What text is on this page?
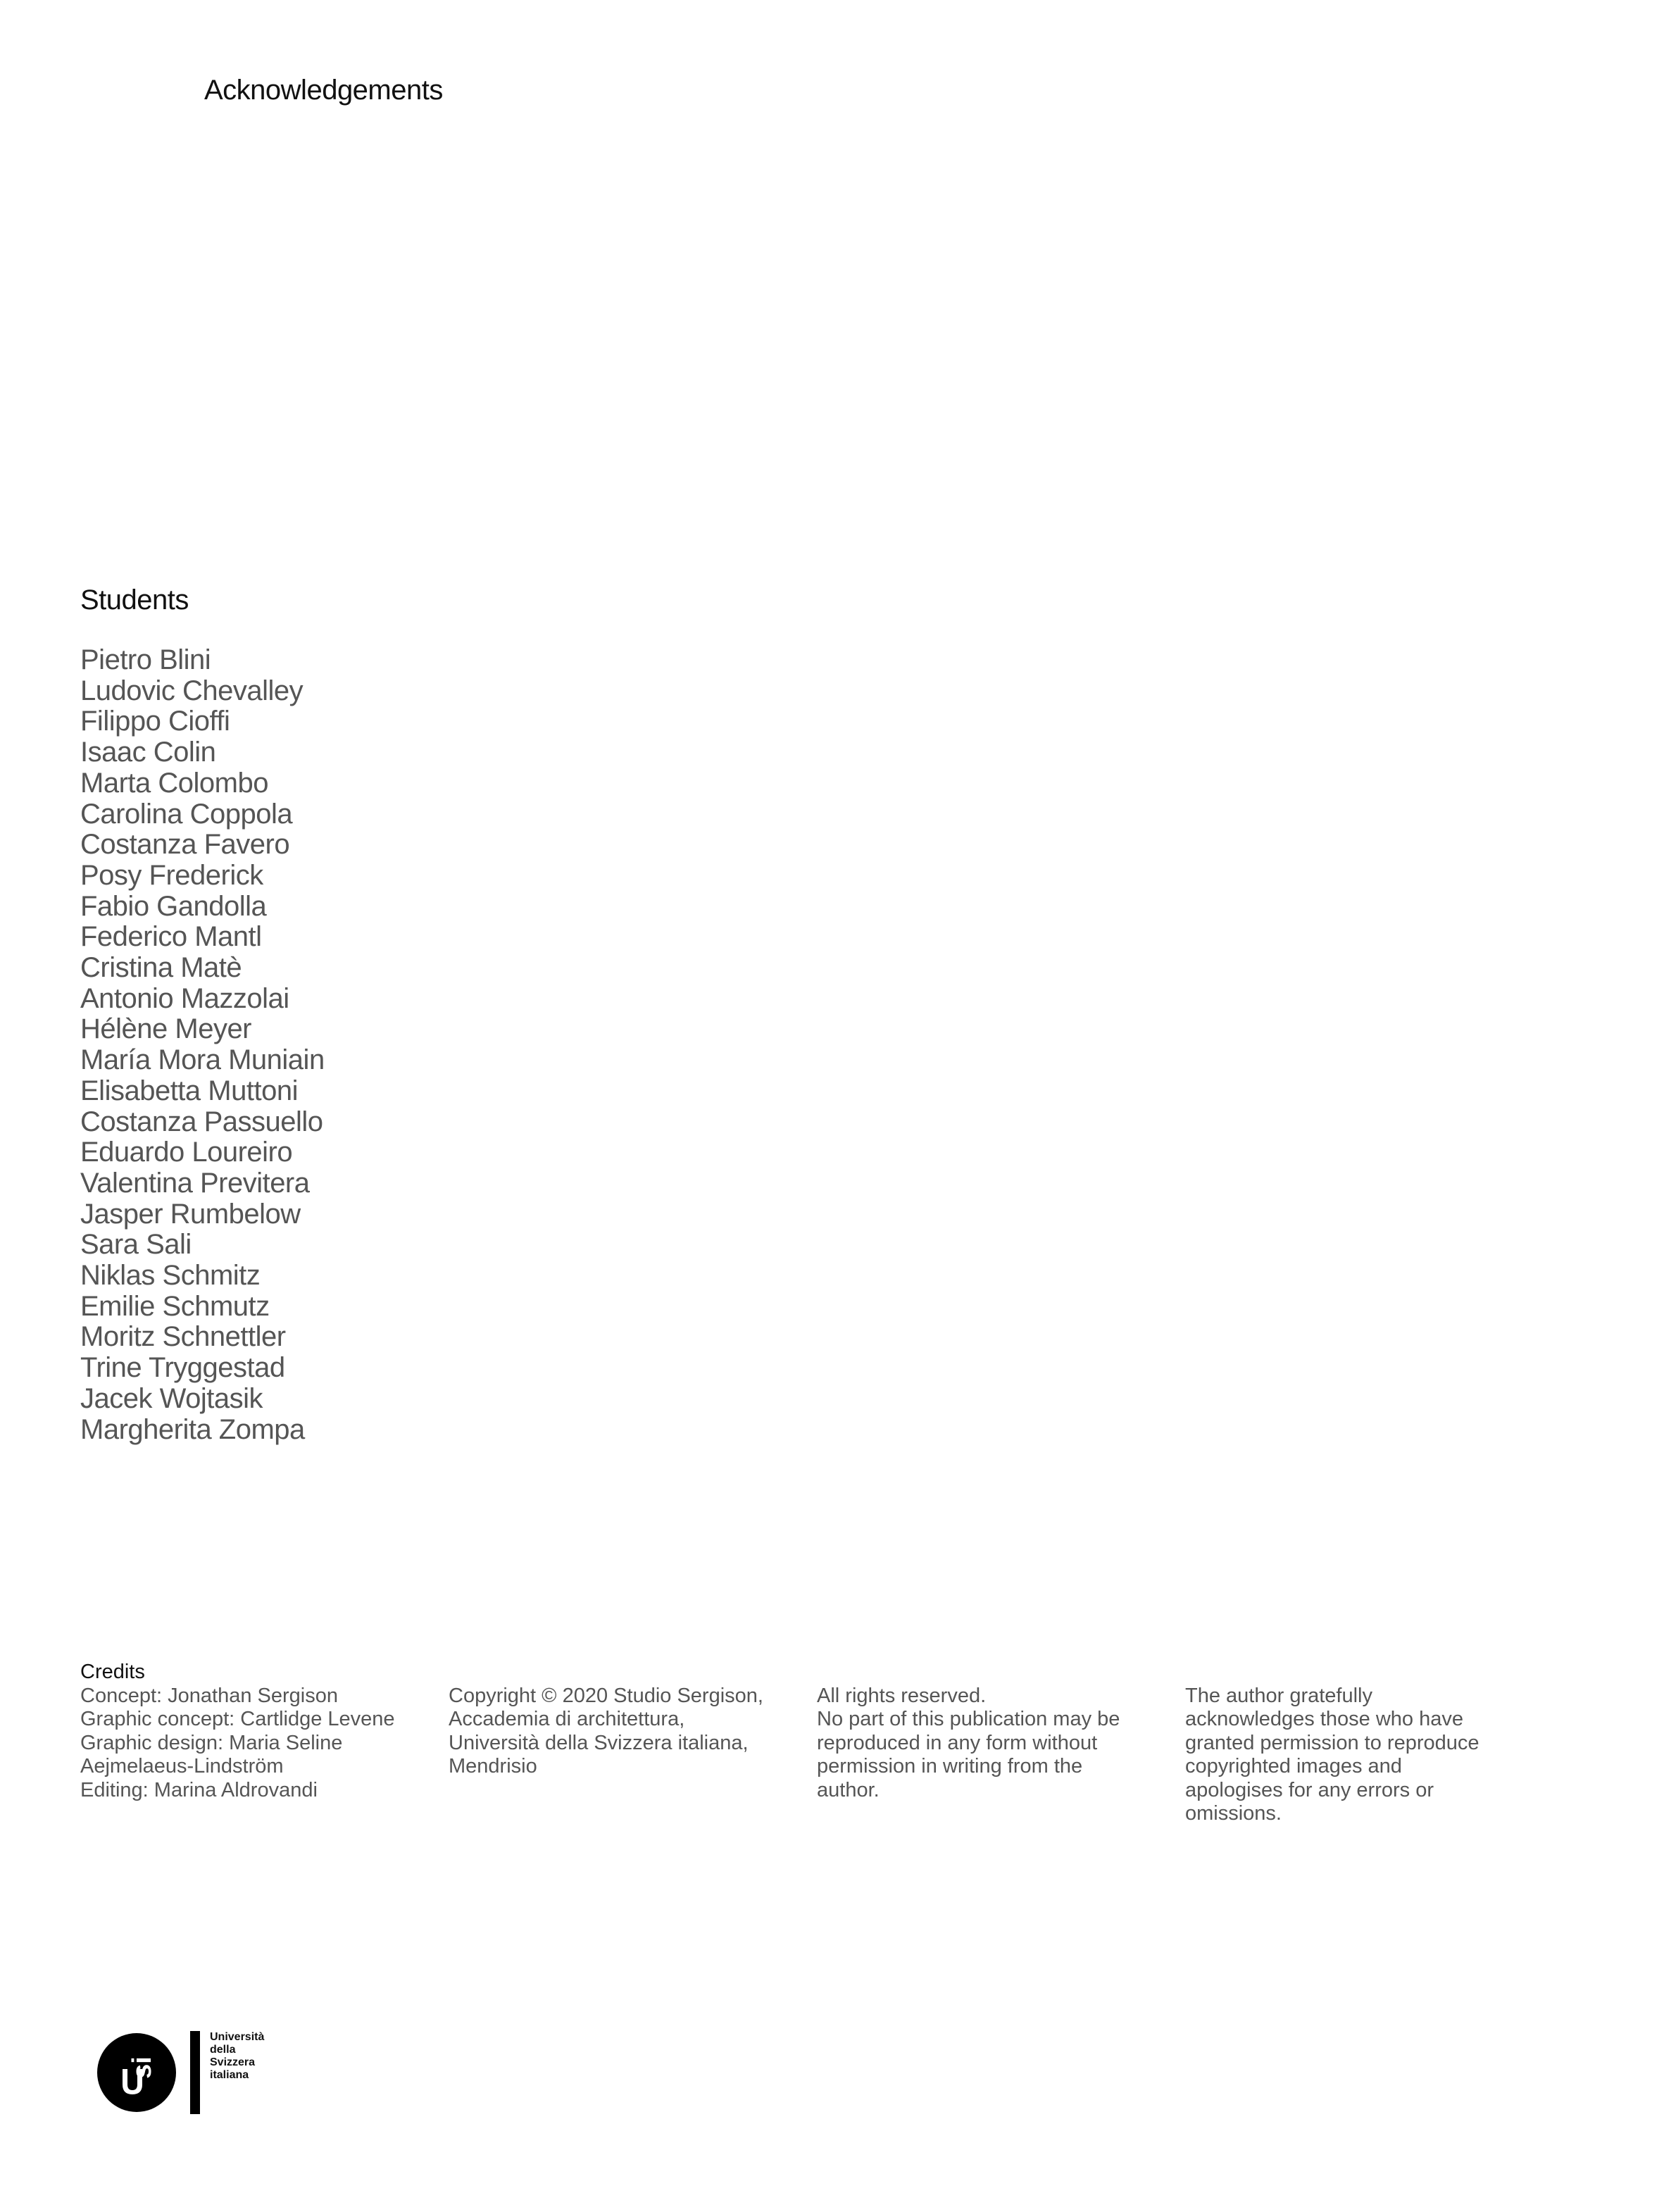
Acknowledgements
Students
Pietro Blini
Ludovic Chevalley
Filippo Cioffi
Isaac Colin
Marta Colombo
Carolina Coppola
Costanza Favero
Posy Frederick
Fabio Gandolla
Federico Mantl
Cristina Matè
Antonio Mazzolai
Hélène Meyer
María Mora Muniain
Elisabetta Muttoni
Costanza Passuello
Eduardo Loureiro
Valentina Previtera
Jasper Rumbelow
Sara Sali
Niklas Schmitz
Emilie Schmutz
Moritz Schnettler
Trine Tryggestad
Jacek Wojtasik
Margherita Zompa
Credits
Concept: Jonathan Sergison
Graphic concept: Cartlidge Levene
Graphic design: Maria Seline
Aejmelaeus-Lindström
Editing: Marina Aldrovandi
Copyright © 2020 Studio Sergison,
Accademia di architettura,
Università della Svizzera italiana,
Mendrisio
All rights reserved.
No part of this publication may be
reproduced in any form without
permission in writing from the
author.
The author gratefully
acknowledges those who have
granted permission to reproduce
copyrighted images and
apologises for any errors or
omissions.
si
Università
della
Svizzera
italiana
